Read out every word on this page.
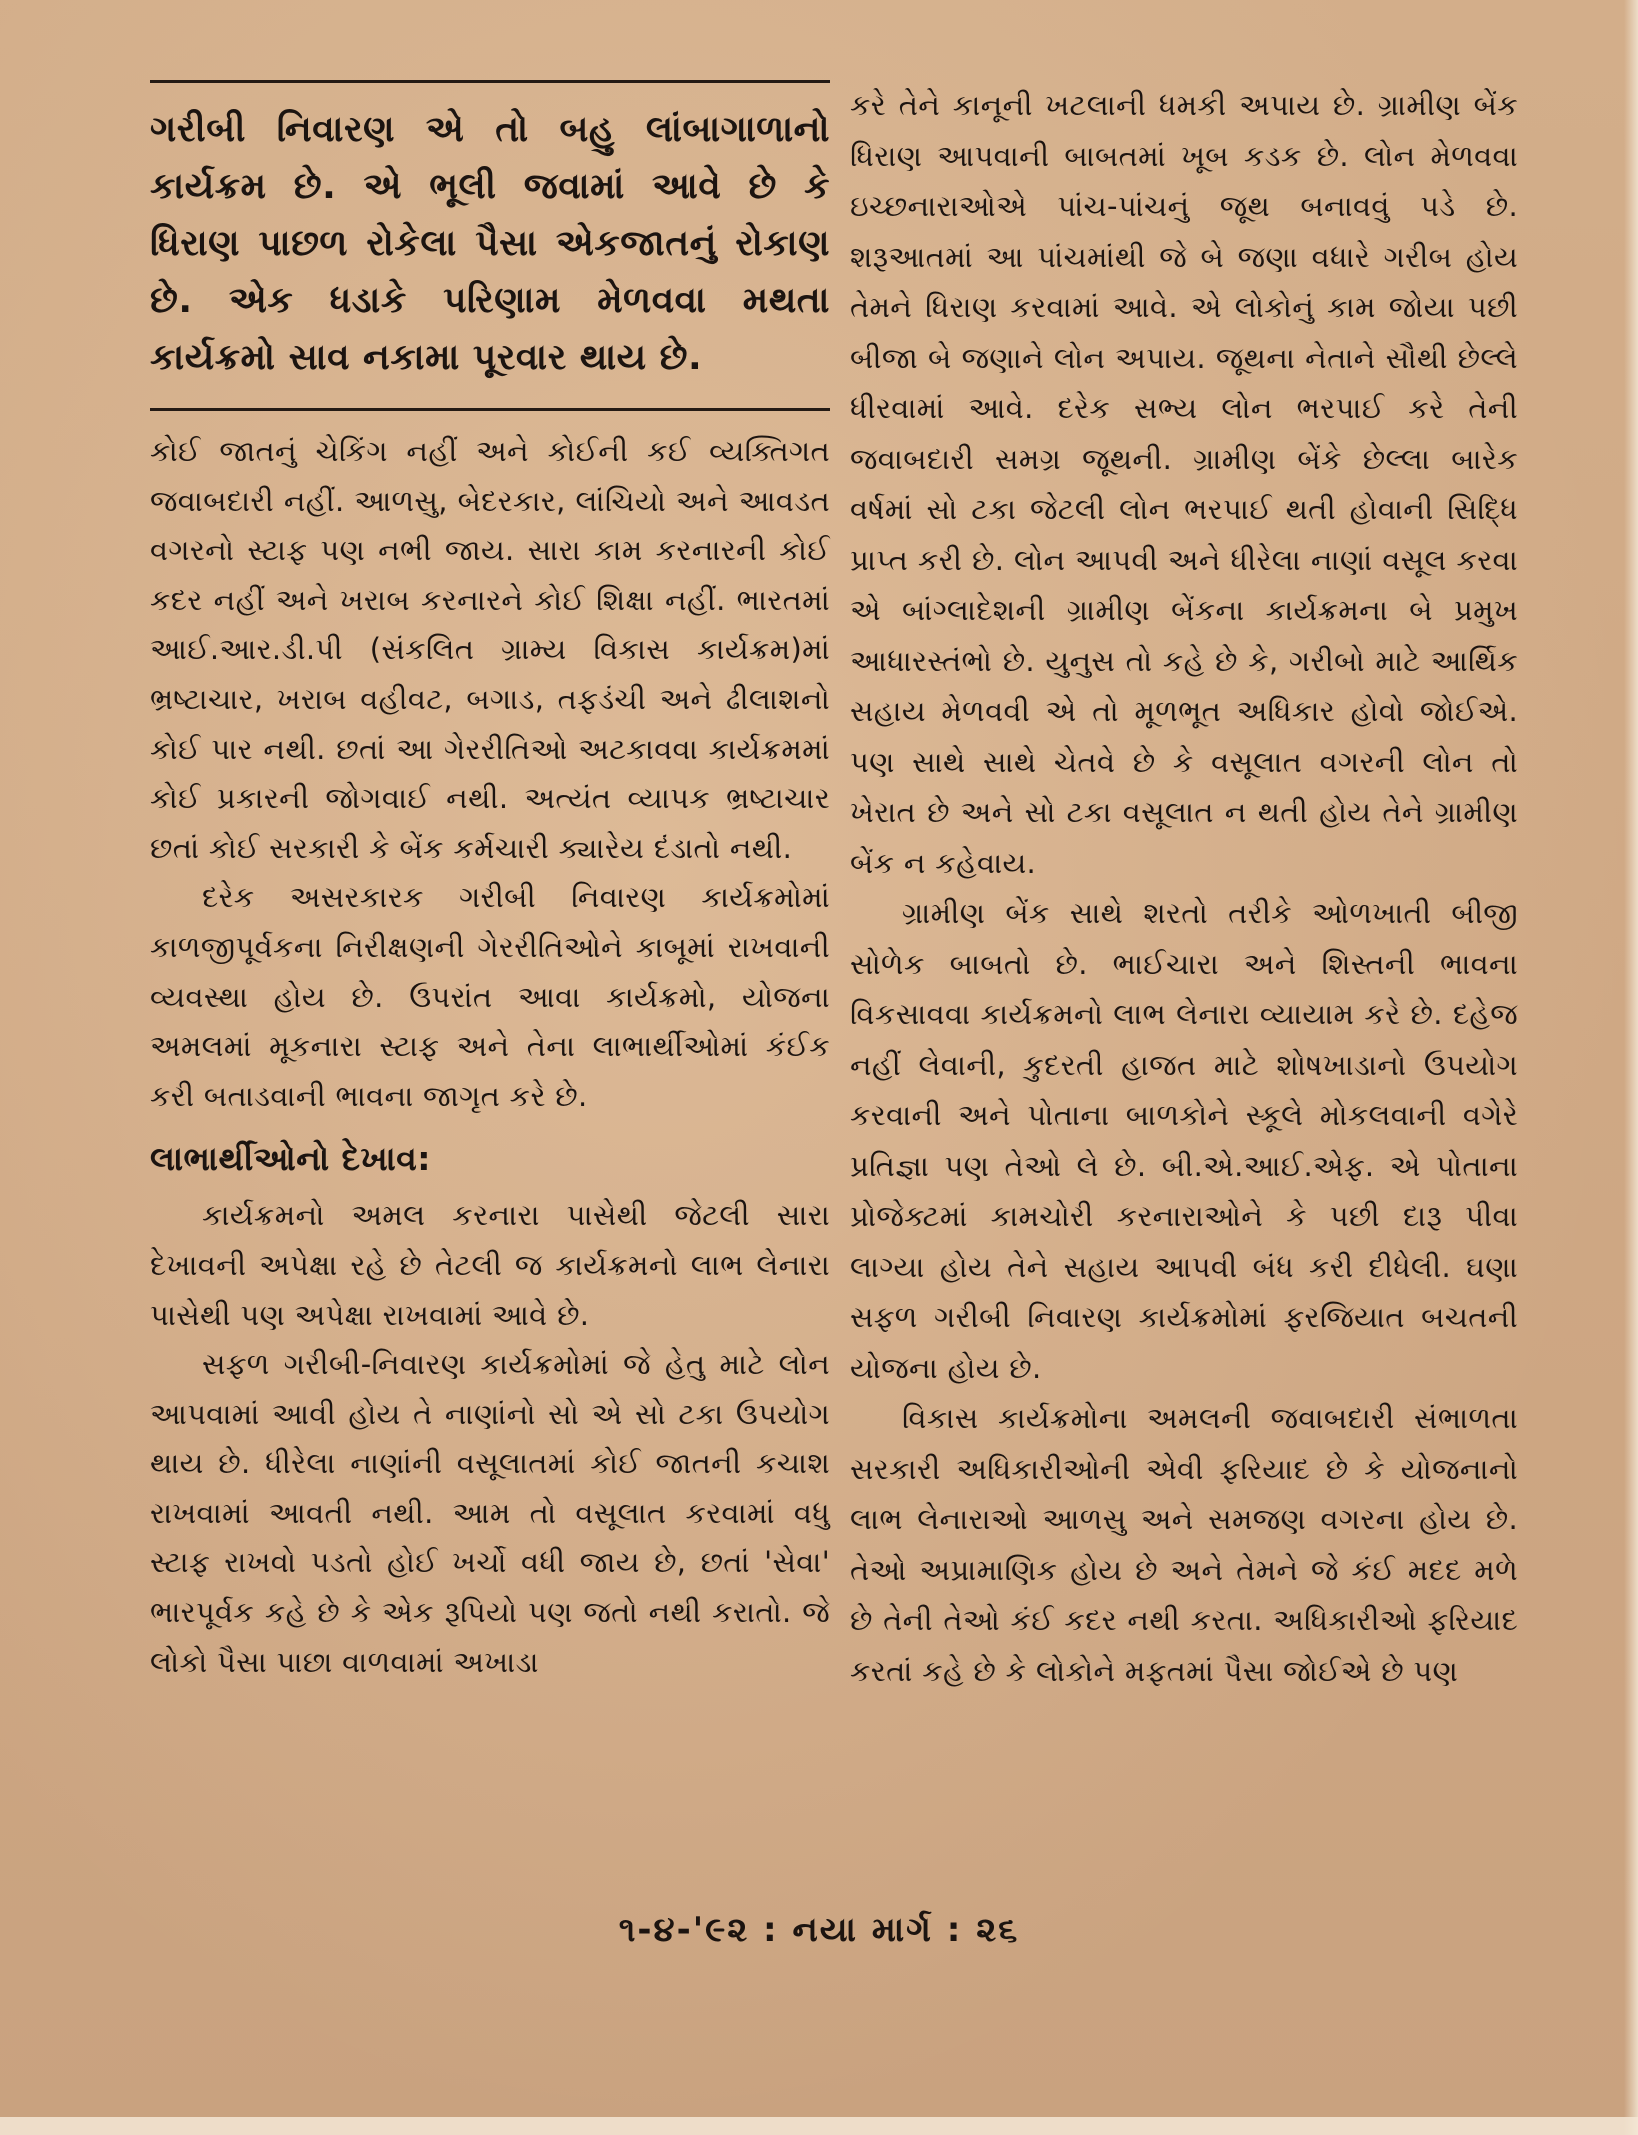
ગરીબી નિવારણ એ તો બહુ લાંબાગાળાનો કાર્યક્રમ છે. એ ભૂલી જવામાં આવે છે કે ધિરાણ પાછળ રોકેલા પૈસા એકજાતનું રોકાણ છે. એક ધડાકે પરિણામ મેળવવા મથતા કાર્યક્રમો સાવ નકામા પૂરવાર થાય છે.

કોઈ જાતનું ચેકિંગ નહીં અને કોઈની કઈ વ્યક્તિગત જવાબદારી નહીં. આળસુ, બેદરકાર, લાંચિયો અને આવડત વગરનો સ્ટાફ પણ નભી જાય. સારા કામ કરનારની કોઈ કદર નહીં અને ખરાબ કરનારને કોઈ શિક્ષા નહીં. ભારતમાં આઈ.આર.ડી.પી (સંકલિત ગ્રામ્ય વિકાસ કાર્યક્રમ)માં ભ્રષ્ટાચાર, ખરાબ વહીવટ, બગાડ, તફડંચી અને ઢીલાશનો કોઈ પાર નથી. છતાં આ ગેરરીતિઓ અટકાવવા કાર્યક્રમમાં કોઈ પ્રકારની જોગવાઈ નથી. અત્યંત વ્યાપક ભ્રષ્ટાચાર છતાં કોઈ સરકારી કે બેંક કર્મચારી ક્યારેય દંડાતો નથી.

દરેક અસરકારક ગરીબી નિવારણ કાર્યક્રમોમાં કાળજીપૂર્વકના નિરીક્ષણની ગેરરીતિઓને કાબૂમાં રાખવાની વ્યવસ્થા હોય છે. ઉપરાંત આવા કાર્યક્રમો, યોજના અમલમાં મૂકનારા સ્ટાફ અને તેના લાભાર્થીઓમાં કંઈક કરી બતાડવાની ભાવના જાગૃત કરે છે.

લાભાર્થીઓનો દેખાવ:

કાર્યક્રમનો અમલ કરનારા પાસેથી જેટલી સારા દેખાવની અપેક્ષા રહે છે તેટલી જ કાર્યક્રમનો લાભ લેનારા પાસેથી પણ અપેક્ષા રાખવામાં આવે છે.

સફળ ગરીબી-નિવારણ કાર્યક્રમોમાં જે હેતુ માટે લોન આપવામાં આવી હોય તે નાણાંનો સો એ સો ટકા ઉપયોગ થાય છે. ધીરેલા નાણાંની વસૂલાતમાં કોઈ જાતની કચાશ રાખવામાં આવતી નથી. આમ તો વસૂલાત કરવામાં વધુ સ્ટાફ રાખવો પડતો હોઈ ખર્ચો વધી જાય છે, છતાં 'સેવા' ભારપૂર્વક કહે છે કે એક રૂપિયો પણ જતો નથી કરાતો. જે લોકો પૈસા પાછા વાળવામાં અખાડા

કરે તેને કાનૂની ખટલાની ધમકી અપાય છે. ગ્રામીણ બેંક ધિરાણ આપવાની બાબતમાં ખૂબ કડક છે. લોન મેળવવા ઇચ્છનારાઓએ પાંચ-પાંચનું જૂથ બનાવવું પડે છે. શરૂઆતમાં આ પાંચમાંથી જે બે જણા વધારે ગરીબ હોય તેમને ધિરાણ કરવામાં આવે. એ લોકોનું કામ જોયા પછી બીજા બે જણાને લોન અપાય. જૂથના નેતાને સૌથી છેલ્લે ધીરવામાં આવે. દરેક સભ્ય લોન ભરપાઈ કરે તેની જવાબદારી સમગ્ર જૂથની. ગ્રામીણ બેંકે છેલ્લા બારેક વર્ષમાં સો ટકા જેટલી લોન ભરપાઈ થતી હોવાની સિદ્ધિ પ્રાપ્ત કરી છે. લોન આપવી અને ધીરેલા નાણાં વસૂલ કરવા એ બાંગ્લાદેશની ગ્રામીણ બેંકના કાર્યક્રમના બે પ્રમુખ આધારસ્તંભો છે. યુનુસ તો કહે છે કે, ગરીબો માટે આર્થિક સહાય મેળવવી એ તો મૂળભૂત અધિકાર હોવો જોઈએ. પણ સાથે સાથે ચેતવે છે કે વસૂલાત વગરની લોન તો ખેરાત છે અને સો ટકા વસૂલાત ન થતી હોય તેને ગ્રામીણ બેંક ન કહેવાય.

ગ્રામીણ બેંક સાથે શરતો તરીકે ઓળખાતી બીજી સોળેક બાબતો છે. ભાઈચારા અને શિસ્તની ભાવના વિકસાવવા કાર્યક્રમનો લાભ લેનારા વ્યાયામ કરે છે. દહેજ નહીં લેવાની, કુદરતી હાજત માટે શોષખાડાનો ઉપયોગ કરવાની અને પોતાના બાળકોને સ્કૂલે મોકલવાની વગેરે પ્રતિજ્ઞા પણ તેઓ લે છે. બી.એ.આઈ.એફ. એ પોતાના પ્રોજેક્ટમાં કામચોરી કરનારાઓને કે પછી દારૂ પીવા લાગ્યા હોય તેને સહાય આપવી બંધ કરી દીધેલી. ઘણા સફળ ગરીબી નિવારણ કાર્યક્રમોમાં ફરજિયાત બચતની યોજના હોય છે.

વિકાસ કાર્યક્રમોના અમલની જવાબદારી સંભાળતા સરકારી અધિકારીઓની એવી ફરિયાદ છે કે યોજનાનો લાભ લેનારાઓ આળસુ અને સમજણ વગરના હોય છે. તેઓ અપ્રામાણિક હોય છે અને તેમને જે કંઈ મદદ મળે છે તેની તેઓ કંઈ કદર નથી કરતા. અધિકારીઓ ફરિયાદ કરતાં કહે છે કે લોકોને મફતમાં પૈસા જોઈએ છે પણ

૧-૪-'૯૨ : નયા માર્ગ : ૨૬
